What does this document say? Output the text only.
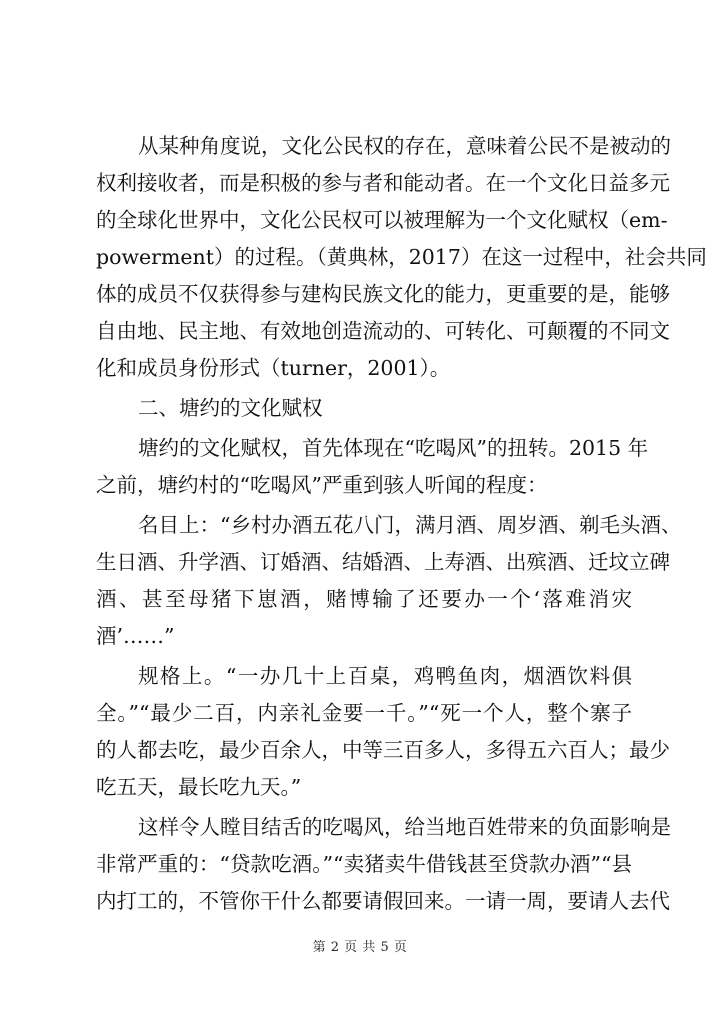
从某种角度说，文化公民权的存在，意味着公民不是被动的
权利接收者，而是积极的参与者和能动者。在一个文化日益多元
的全球化世界中，文化公民权可以被理解为一个文化赋权（em-
powerment）的过程。（黄典林，2017）在这一过程中，社会共同
体的成员不仅获得参与建构民族文化的能力，更重要的是，能够
自由地、民主地、有效地创造流动的、可转化、可颠覆的不同文
化和成员身份形式（turner，2001）。
二、塘约的文化赋权
塘约的文化赋权，首先体现在“吃喝风”的扭转。2015 年
之前，塘约村的“吃喝风”严重到骇人听闻的程度：
名目上：“乡村办酒五花八门，满月酒、周岁酒、剃毛头酒、
生日酒、升学酒、订婚酒、结婚酒、上寿酒、出殡酒、迁坟立碑
酒、甚至母猪下崽酒，赌博输了还要办一个‘落难消灾
酒’……”
规格上。“一办几十上百桌，鸡鸭鱼肉，烟酒饮料俱
全。”“最少二百，内亲礼金要一千。”“死一个人，整个寨子
的人都去吃，最少百余人，中等三百多人，多得五六百人；最少
吃五天，最长吃九天。”
这样令人瞠目结舌的吃喝风，给当地百姓带来的负面影响是
非常严重的：“贷款吃酒。”“卖猪卖牛借钱甚至贷款办酒”“县
内打工的，不管你干什么都要请假回来。一请一周，要请人去代
第 2 页 共 5 页
